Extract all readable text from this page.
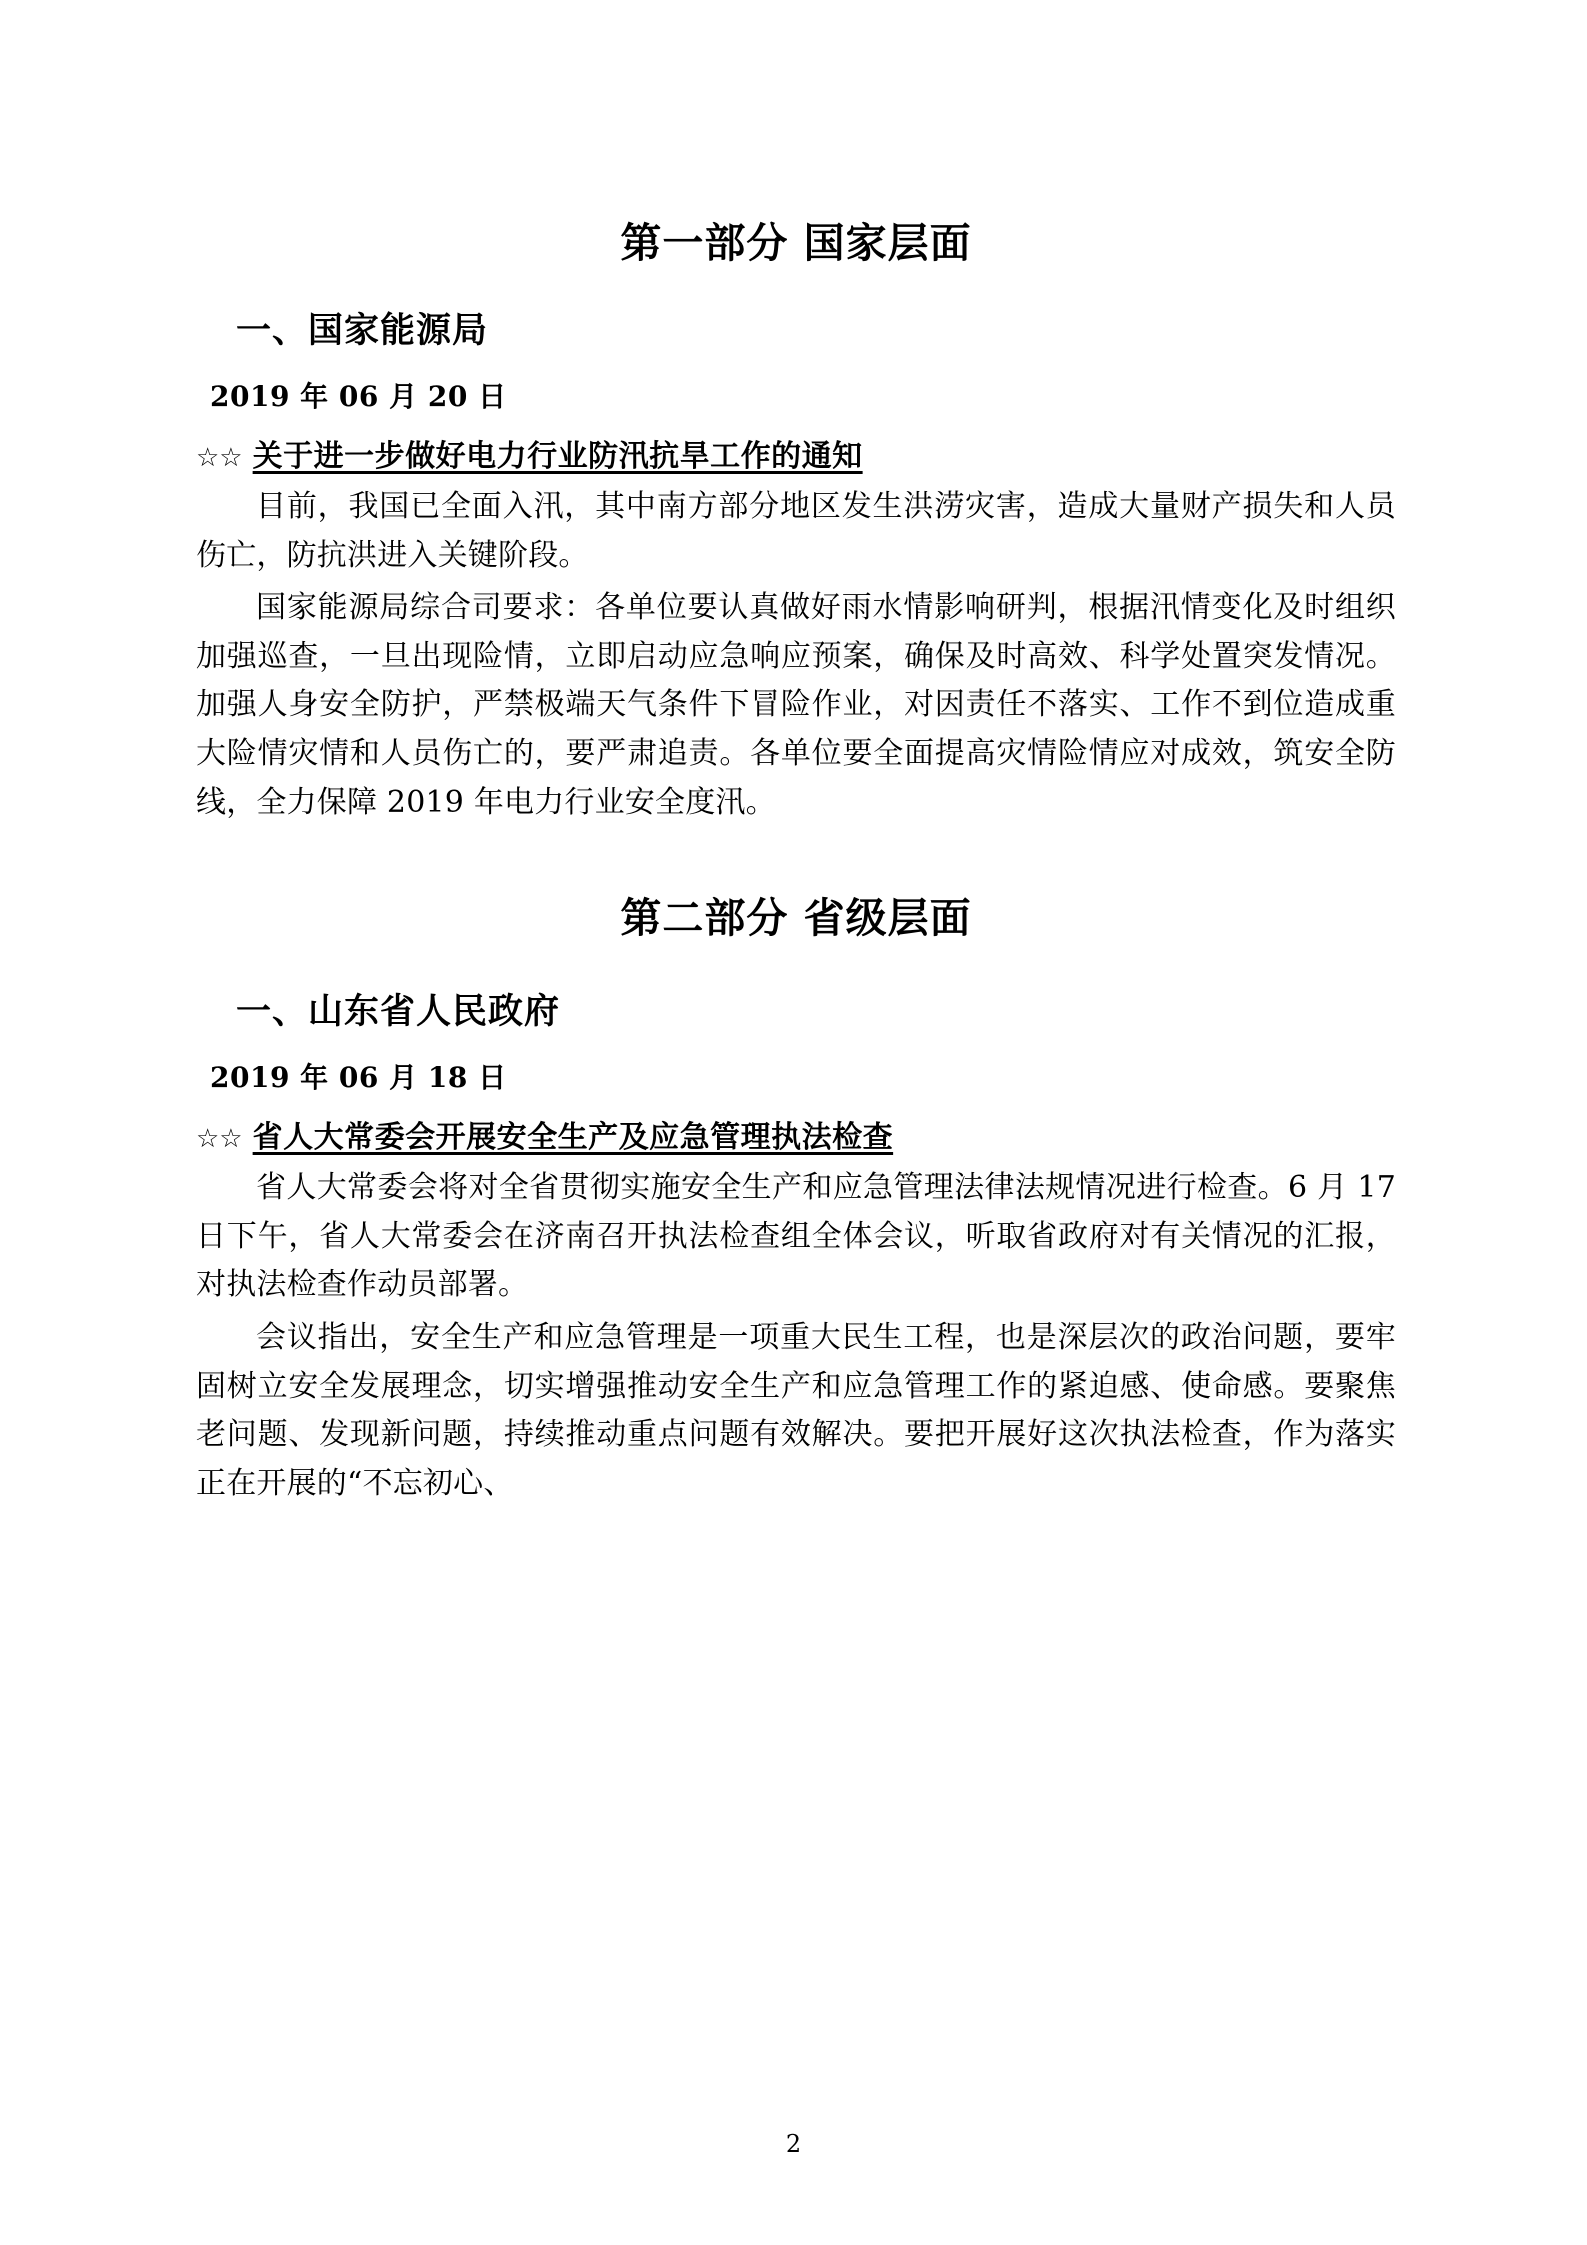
第一部分 国家层面
一、国家能源局
2019 年 06 月 20 日
☆☆ 关于进一步做好电力行业防汛抗旱工作的通知

目前，我国已全面入汛，其中南方部分地区发生洪涝灾害，造成大量财产损失和人员伤亡，防抗洪进入关键阶段。

国家能源局综合司要求：各单位要认真做好雨水情影响研判，根据汛情变化及时组织加强巡查，一旦出现险情，立即启动应急响应预案，确保及时高效、科学处置突发情况。加强人身安全防护，严禁极端天气条件下冒险作业，对因责任不落实、工作不到位造成重大险情灾情和人员伤亡的，要严肃追责。各单位要全面提高灾情险情应对成效，筑安全防线，全力保障 2019 年电力行业安全度汛。

第二部分 省级层面
一、山东省人民政府
2019 年 06 月 18 日
☆☆ 省人大常委会开展安全生产及应急管理执法检查

省人大常委会将对全省贯彻实施安全生产和应急管理法律法规情况进行检查。6 月 17 日下午，省人大常委会在济南召开执法检查组全体会议，听取省政府对有关情况的汇报，对执法检查作动员部署。

会议指出，安全生产和应急管理是一项重大民生工程，也是深层次的政治问题，要牢固树立安全发展理念，切实增强推动安全生产和应急管理工作的紧迫感、使命感。要聚焦老问题、发现新问题，持续推动重点问题有效解决。要把开展好这次执法检查，作为落实正在开展的“不忘初心、

2
